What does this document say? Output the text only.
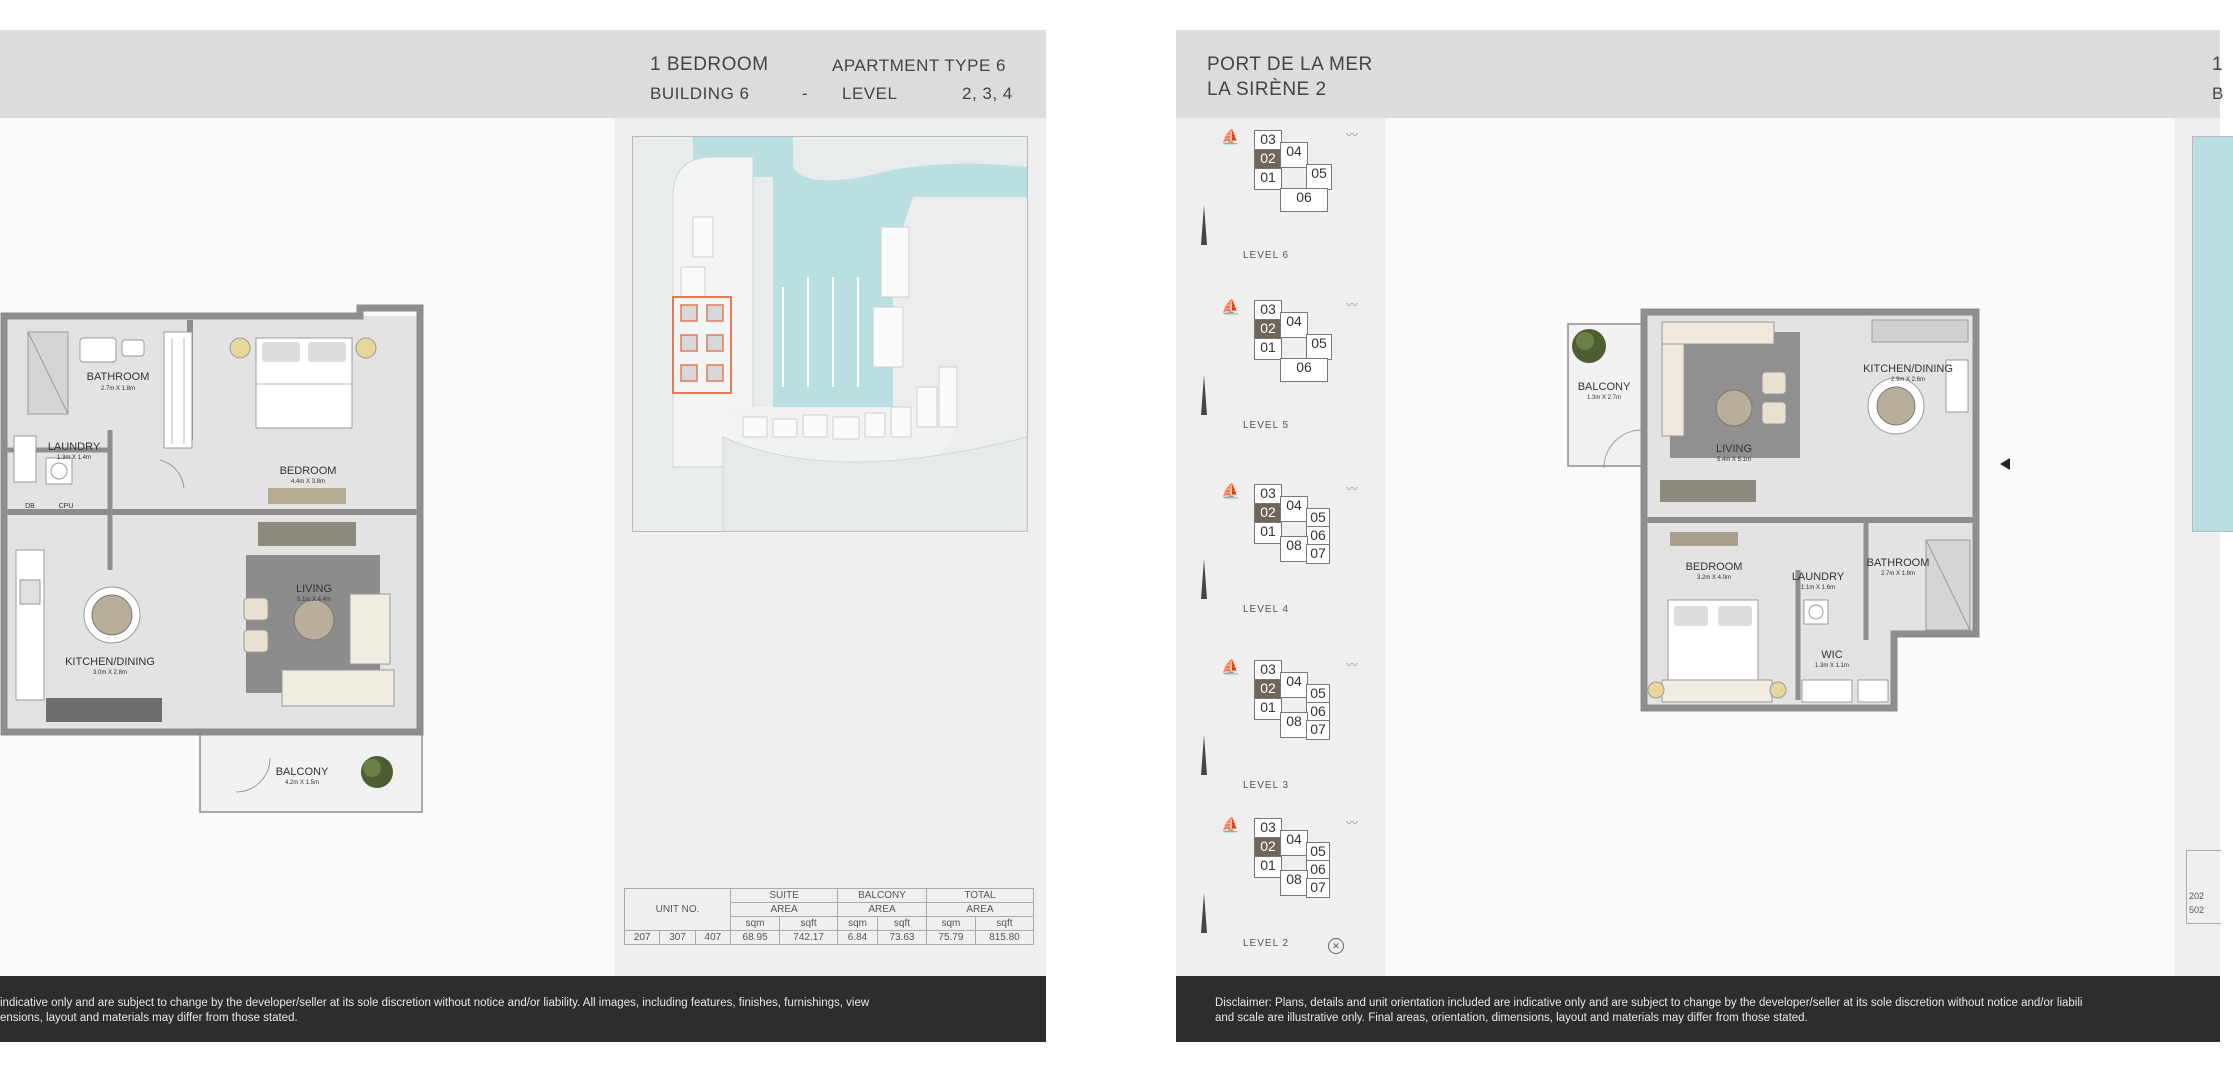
1 BEDROOM	APARTMENT TYPE 6
BUILDING 6	- LEVEL	2, 3, 4
UNIT NO.			SUITE		BALCONY		TOTAL	
			AREA		AREA		AREA	
			sqm	sqft	sqm	sqft	sqm	sqft
207	307	407	68.95	742.17	6.84	73.63	75.79	815.80
BATHROOM
2.7m X 1.8m
LAUNDRY
1.3m X 1.4m
BEDROOM
4.4m X 3.8m
LIVING
5.1m X 4.4m
KITCHEN/DINING
3.0m X 2.8m
BALCONY
4.2m X 1.5m
DB	CPU
indicative only and are subject to change by the developer/seller at its sole discretion without notice and/or liability. All images, including features, finishes, furnishings, view
ensions, layout and materials may differ from those stated.
PORT DE LA MER
LA SIRÈNE 2
1
B
⛵	〰
03
02 04
01	05
06
LEVEL 6
⛵	〰
03
02 04
01	05
06
LEVEL 5
⛵	〰
03
02 04
01
05
06
08 07
LEVEL 4
⛵	〰
03
02 04
01
05
06
08 07
LEVEL 3
⛵	〰
03
02 04
01
05
06
08 07
LEVEL 2	✕
202
502
BALCONY
1.3m X 2.7m
LIVING
5.4m X 5.1m
KITCHEN/DINING
2.9m X 2.6m
BEDROOM
3.2m X 4.0m	LAUNDRY
1.1m X 1.6m
BATHROOM
2.7m X 1.8m
WIC
1.3m X 1.1m
Disclaimer: Plans, details and unit orientation included are indicative only and are subject to change by the developer/seller at its sole discretion without notice and/or liabili
and scale are illustrative only. Final areas, orientation, dimensions, layout and materials may differ from those stated.
